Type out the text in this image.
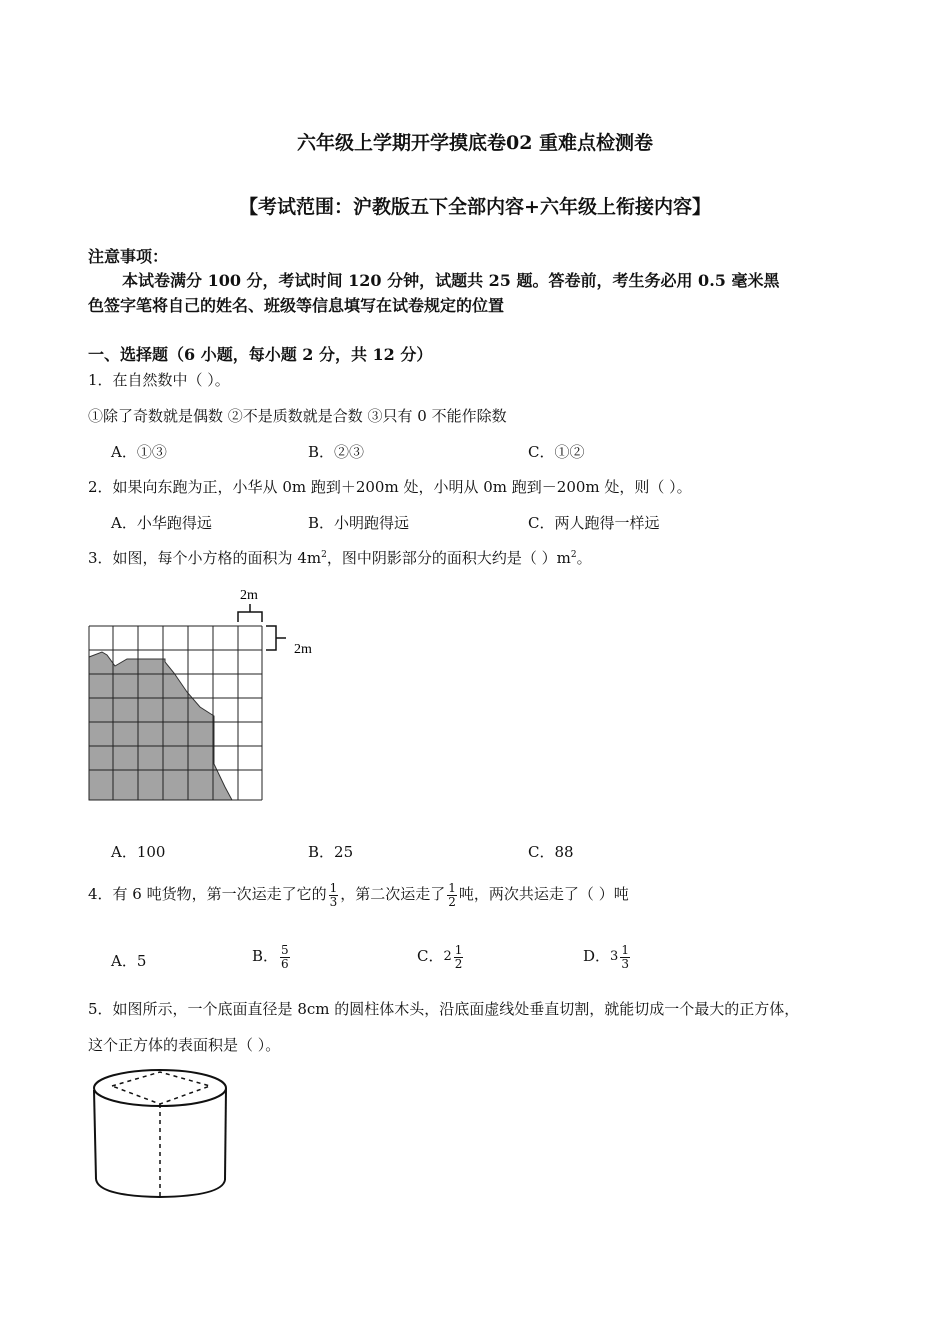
六年级上学期开学摸底卷02 重难点检测卷
【考试范围：沪教版五下全部内容+六年级上衔接内容】
注意事项：
本试卷满分 100 分，考试时间 120 分钟，试题共 25 题。答卷前，考生务必用 0.5 毫米黑
色签字笔将自己的姓名、班级等信息填写在试卷规定的位置
一、选择题（6 小题，每小题 2 分，共 12 分）
1．在自然数中（ ）。
①除了奇数就是偶数 ②不是质数就是合数 ③只有 0 不能作除数
A．①③	B．②③	C．①②
2．如果向东跑为正，小华从 0m 跑到＋200m 处，小明从 0m 跑到－200m 处，则（ ）。
A．小华跑得远	B．小明跑得远	C．两人跑得一样远
3．如图，每个小方格的面积为 $4m^2$，图中阴影部分的面积大约是（ ）$m^2$。
2m
2m
A．100	B．25	C．88
4．有 6 吨货物，第一次运走了它的 $\frac{1}{3}$ ，第二次运走了 $\frac{1}{2}$ 吨，两次共运走了（ ）吨
A．5	B． $\frac{5}{6}$	C．$2 \frac{1}{2}$	D．$3 \frac{1}{3}$
5．如图所示，一个底面直径是 8cm 的圆柱体木头，沿底面虚线处垂直切割，就能切成一个最大的正方体，
这个正方体的表面积是（ ）。
